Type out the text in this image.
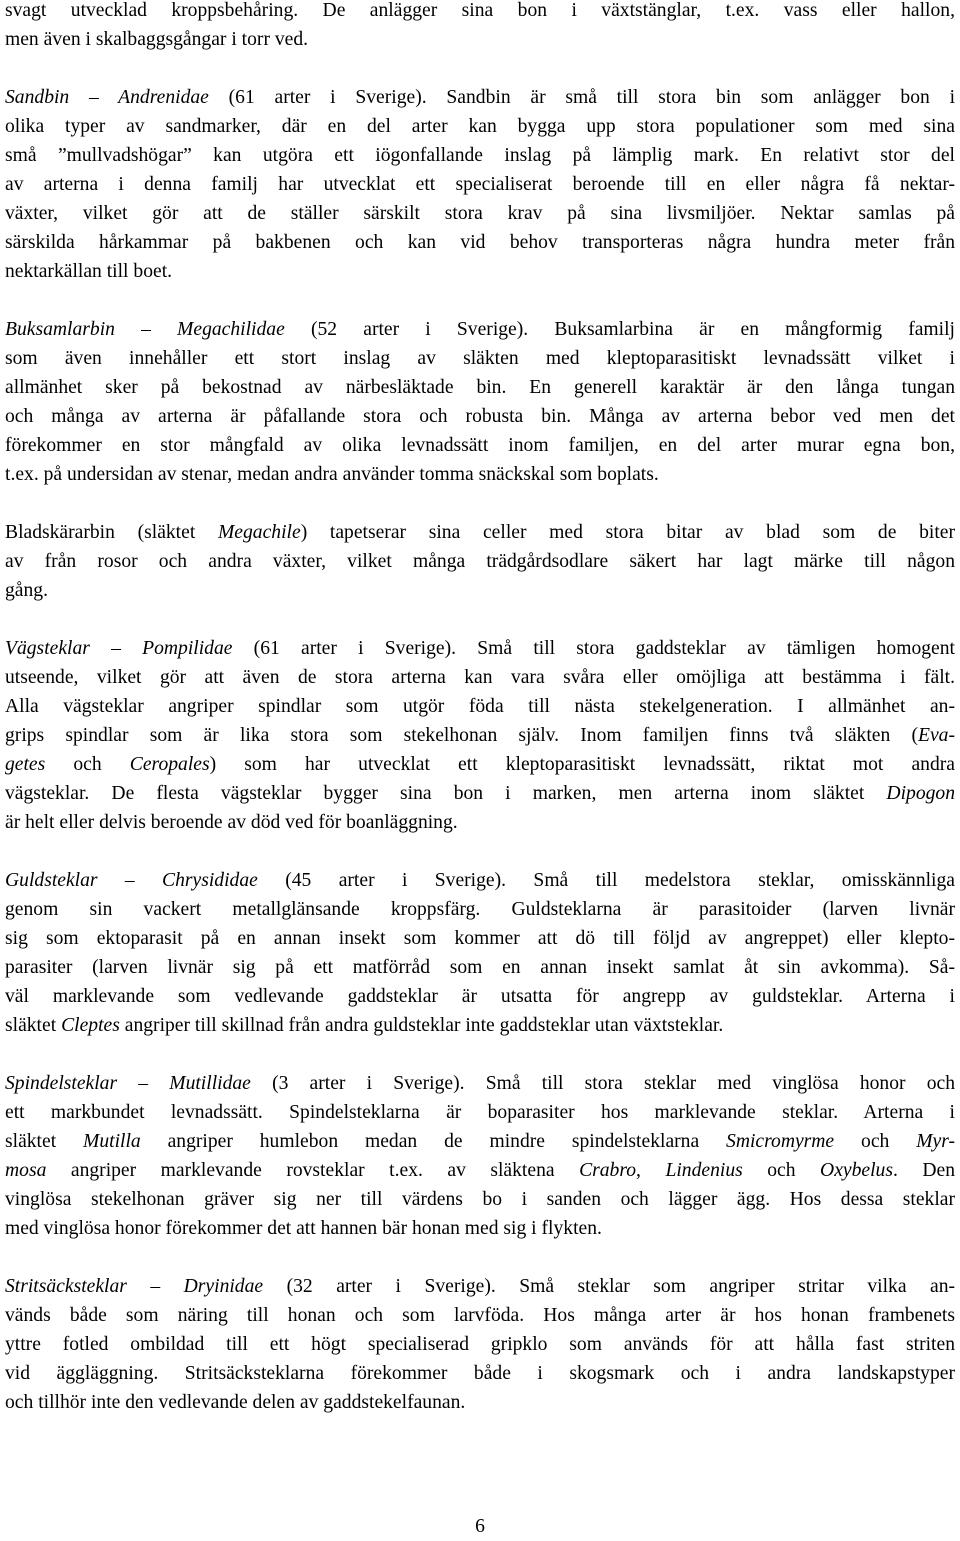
svagt utvecklad kroppsbehåring. De anlägger sina bon i växtstänglar, t.ex. vass eller hallon,
men även i skalbaggsgångar i torr ved.

Sandbin – Andrenidae (61 arter i Sverige). Sandbin är små till stora bin som anlägger bon i
olika typer av sandmarker, där en del arter kan bygga upp stora populationer som med sina
små ”mullvadshögar” kan utgöra ett iögonfallande inslag på lämplig mark. En relativt stor del
av arterna i denna familj har utvecklat ett specialiserat beroende till en eller några få nektar-
växter, vilket gör att de ställer särskilt stora krav på sina livsmiljöer. Nektar samlas på
särskilda hårkammar på bakbenen och kan vid behov transporteras några hundra meter från
nektarkällan till boet.

Buksamlarbin – Megachilidae (52 arter i Sverige). Buksamlarbina är en mångformig familj
som även innehåller ett stort inslag av släkten med kleptoparasitiskt levnadssätt vilket i
allmänhet sker på bekostnad av närbesläktade bin. En generell karaktär är den långa tungan
och många av arterna är påfallande stora och robusta bin. Många av arterna bebor ved men det
förekommer en stor mångfald av olika levnadssätt inom familjen, en del arter murar egna bon,
t.ex. på undersidan av stenar, medan andra använder tomma snäckskal som boplats.

Bladskärarbin (släktet Megachile) tapetserar sina celler med stora bitar av blad som de biter
av från rosor och andra växter, vilket många trädgårdsodlare säkert har lagt märke till någon
gång.

Vägsteklar – Pompilidae (61 arter i Sverige). Små till stora gaddsteklar av tämligen homogent
utseende, vilket gör att även de stora arterna kan vara svåra eller omöjliga att bestämma i fält.
Alla vägsteklar angriper spindlar som utgör föda till nästa stekelgeneration. I allmänhet an-
grips spindlar som är lika stora som stekelhonan själv. Inom familjen finns två släkten (Eva-
getes och Ceropales) som har utvecklat ett kleptoparasitiskt levnadssätt, riktat mot andra
vägsteklar. De flesta vägsteklar bygger sina bon i marken, men arterna inom släktet Dipogon
är helt eller delvis beroende av död ved för boanläggning.

Guldsteklar – Chrysididae (45 arter i Sverige). Små till medelstora steklar, omisskännliga
genom sin vackert metallglänsande kroppsfärg. Guldsteklarna är parasitoider (larven livnär
sig som ektoparasit på en annan insekt som kommer att dö till följd av angreppet) eller klepto-
parasiter (larven livnär sig på ett matförråd som en annan insekt samlat åt sin avkomma). Så-
väl marklevande som vedlevande gaddsteklar är utsatta för angrepp av guldsteklar. Arterna i
släktet Cleptes angriper till skillnad från andra guldsteklar inte gaddsteklar utan växtsteklar.

Spindelsteklar – Mutillidae (3 arter i Sverige). Små till stora steklar med vinglösa honor och
ett markbundet levnadssätt. Spindelsteklarna är boparasiter hos marklevande steklar. Arterna i
släktet Mutilla angriper humlebon medan de mindre spindelsteklarna Smicromyrme och Myr-
mosa angriper marklevande rovsteklar t.ex. av släktena Crabro, Lindenius och Oxybelus. Den
vinglösa stekelhonan gräver sig ner till värdens bo i sanden och lägger ägg. Hos dessa steklar
med vinglösa honor förekommer det att hannen bär honan med sig i flykten.

Stritsäcksteklar – Dryinidae (32 arter i Sverige). Små steklar som angriper stritar vilka an-
vänds både som näring till honan och som larvföda. Hos många arter är hos honan frambenets
yttre fotled ombildad till ett högt specialiserad gripklo som används för att hålla fast striten
vid äggläggning. Stritsäcksteklarna förekommer både i skogsmark och i andra landskapstyper
och tillhör inte den vedlevande delen av gaddstekelfaunan.

6
